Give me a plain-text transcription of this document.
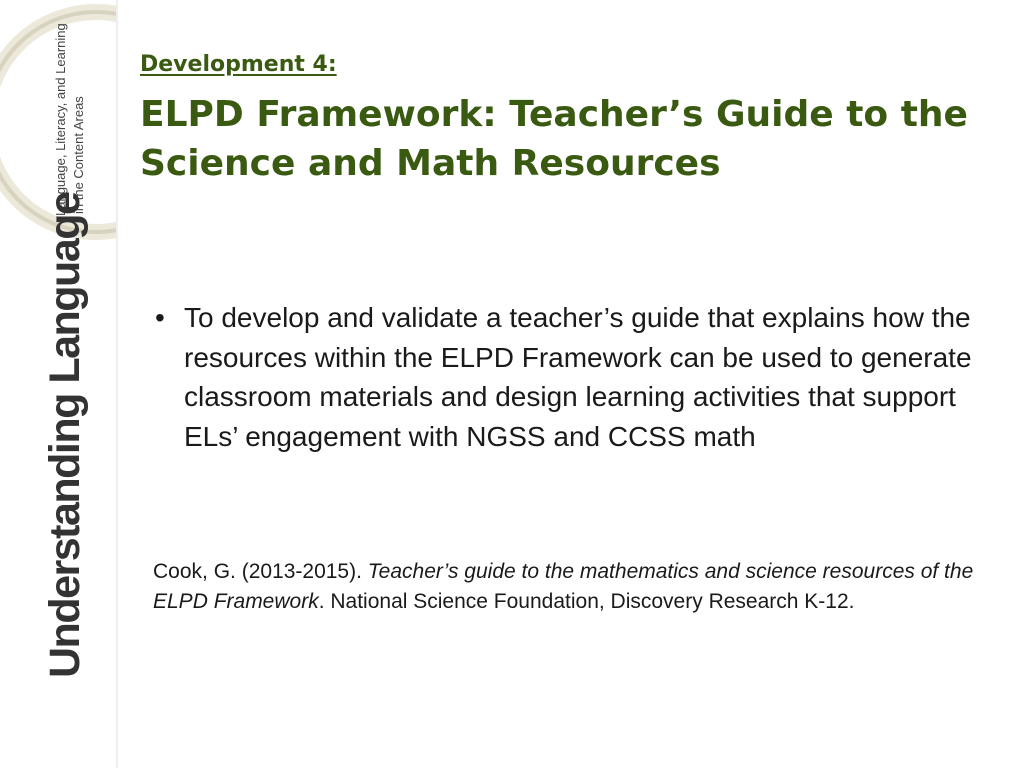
Language, Literacy, and Learning in the Content Areas
Understanding Language
Development 4:
ELPD Framework: Teacher’s Guide to the Science and Math Resources
• To develop and validate a teacher’s guide that explains how the resources within the ELPD Framework can be used to generate classroom materials and design learning activities that support ELs’ engagement with NGSS and CCSS math

Cook, G. (2013-2015). Teacher’s guide to the mathematics and science resources of the ELPD Framework. National Science Foundation, Discovery Research K-12.
